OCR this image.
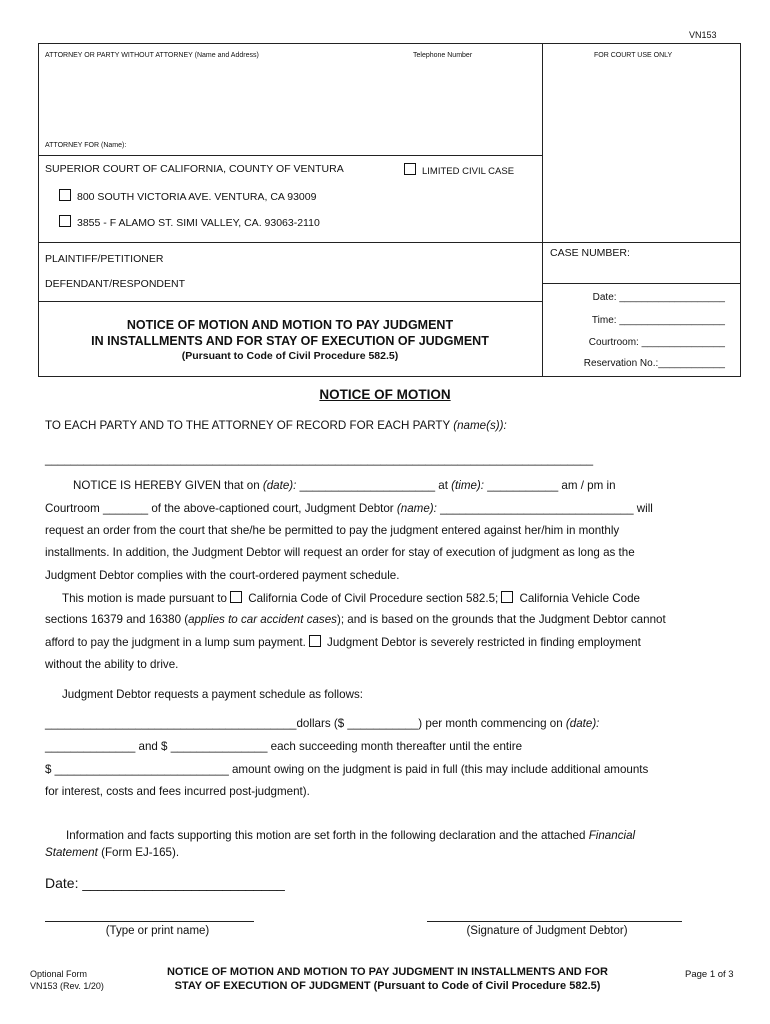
VN153
ATTORNEY OR PARTY WITHOUT ATTORNEY (Name and Address)	Telephone Number	FOR COURT USE ONLY
ATTORNEY FOR (Name):
SUPERIOR COURT OF CALIFORNIA, COUNTY OF VENTURA	LIMITED CIVIL CASE
800 SOUTH VICTORIA AVE. VENTURA, CA 93009
3855 - F ALAMO ST. SIMI VALLEY, CA. 93063-2110
PLAINTIFF/PETITIONER
DEFENDANT/RESPONDENT
CASE NUMBER:
Date: ___________________
Time: ___________________
Courtroom: _______________
Reservation No.:____________
NOTICE OF MOTION AND MOTION TO PAY JUDGMENT
IN INSTALLMENTS AND FOR STAY OF EXECUTION OF JUDGMENT
(Pursuant to Code of Civil Procedure 582.5)
NOTICE OF MOTION
TO EACH PARTY AND TO THE ATTORNEY OF RECORD FOR EACH PARTY (name(s)):
_____________________________________________________________________________________
NOTICE IS HEREBY GIVEN that on (date): _____________________ at (time): ___________ am / pm in
Courtroom _______ of the above-captioned court, Judgment Debtor (name): ______________________________ will
request an order from the court that she/he be permitted to pay the judgment entered against her/him in monthly
installments. In addition, the Judgment Debtor will request an order for stay of execution of judgment as long as the
Judgment Debtor complies with the court-ordered payment schedule.
This motion is made pursuant to California Code of Civil Procedure section 582.5; California Vehicle Code
sections 16379 and 16380 (applies to car accident cases); and is based on the grounds that the Judgment Debtor cannot
afford to pay the judgment in a lump sum payment. Judgment Debtor is severely restricted in finding employment
without the ability to drive.
Judgment Debtor requests a payment schedule as follows:
_______________________________________dollars ($ ___________) per month commencing on (date):
______________ and $ _______________ each succeeding month thereafter until the entire
$ ___________________________ amount owing on the judgment is paid in full (this may include additional amounts
for interest, costs and fees incurred post-judgment).
Information and facts supporting this motion are set forth in the following declaration and the attached Financial
Statement (Form EJ-165).
Date: __________________________
(Type or print name)	(Signature of Judgment Debtor)
Optional Form
VN153 (Rev. 1/20)
NOTICE OF MOTION AND MOTION TO PAY JUDGMENT IN INSTALLMENTS AND FOR
STAY OF EXECUTION OF JUDGMENT (Pursuant to Code of Civil Procedure 582.5)
Page 1 of 3
